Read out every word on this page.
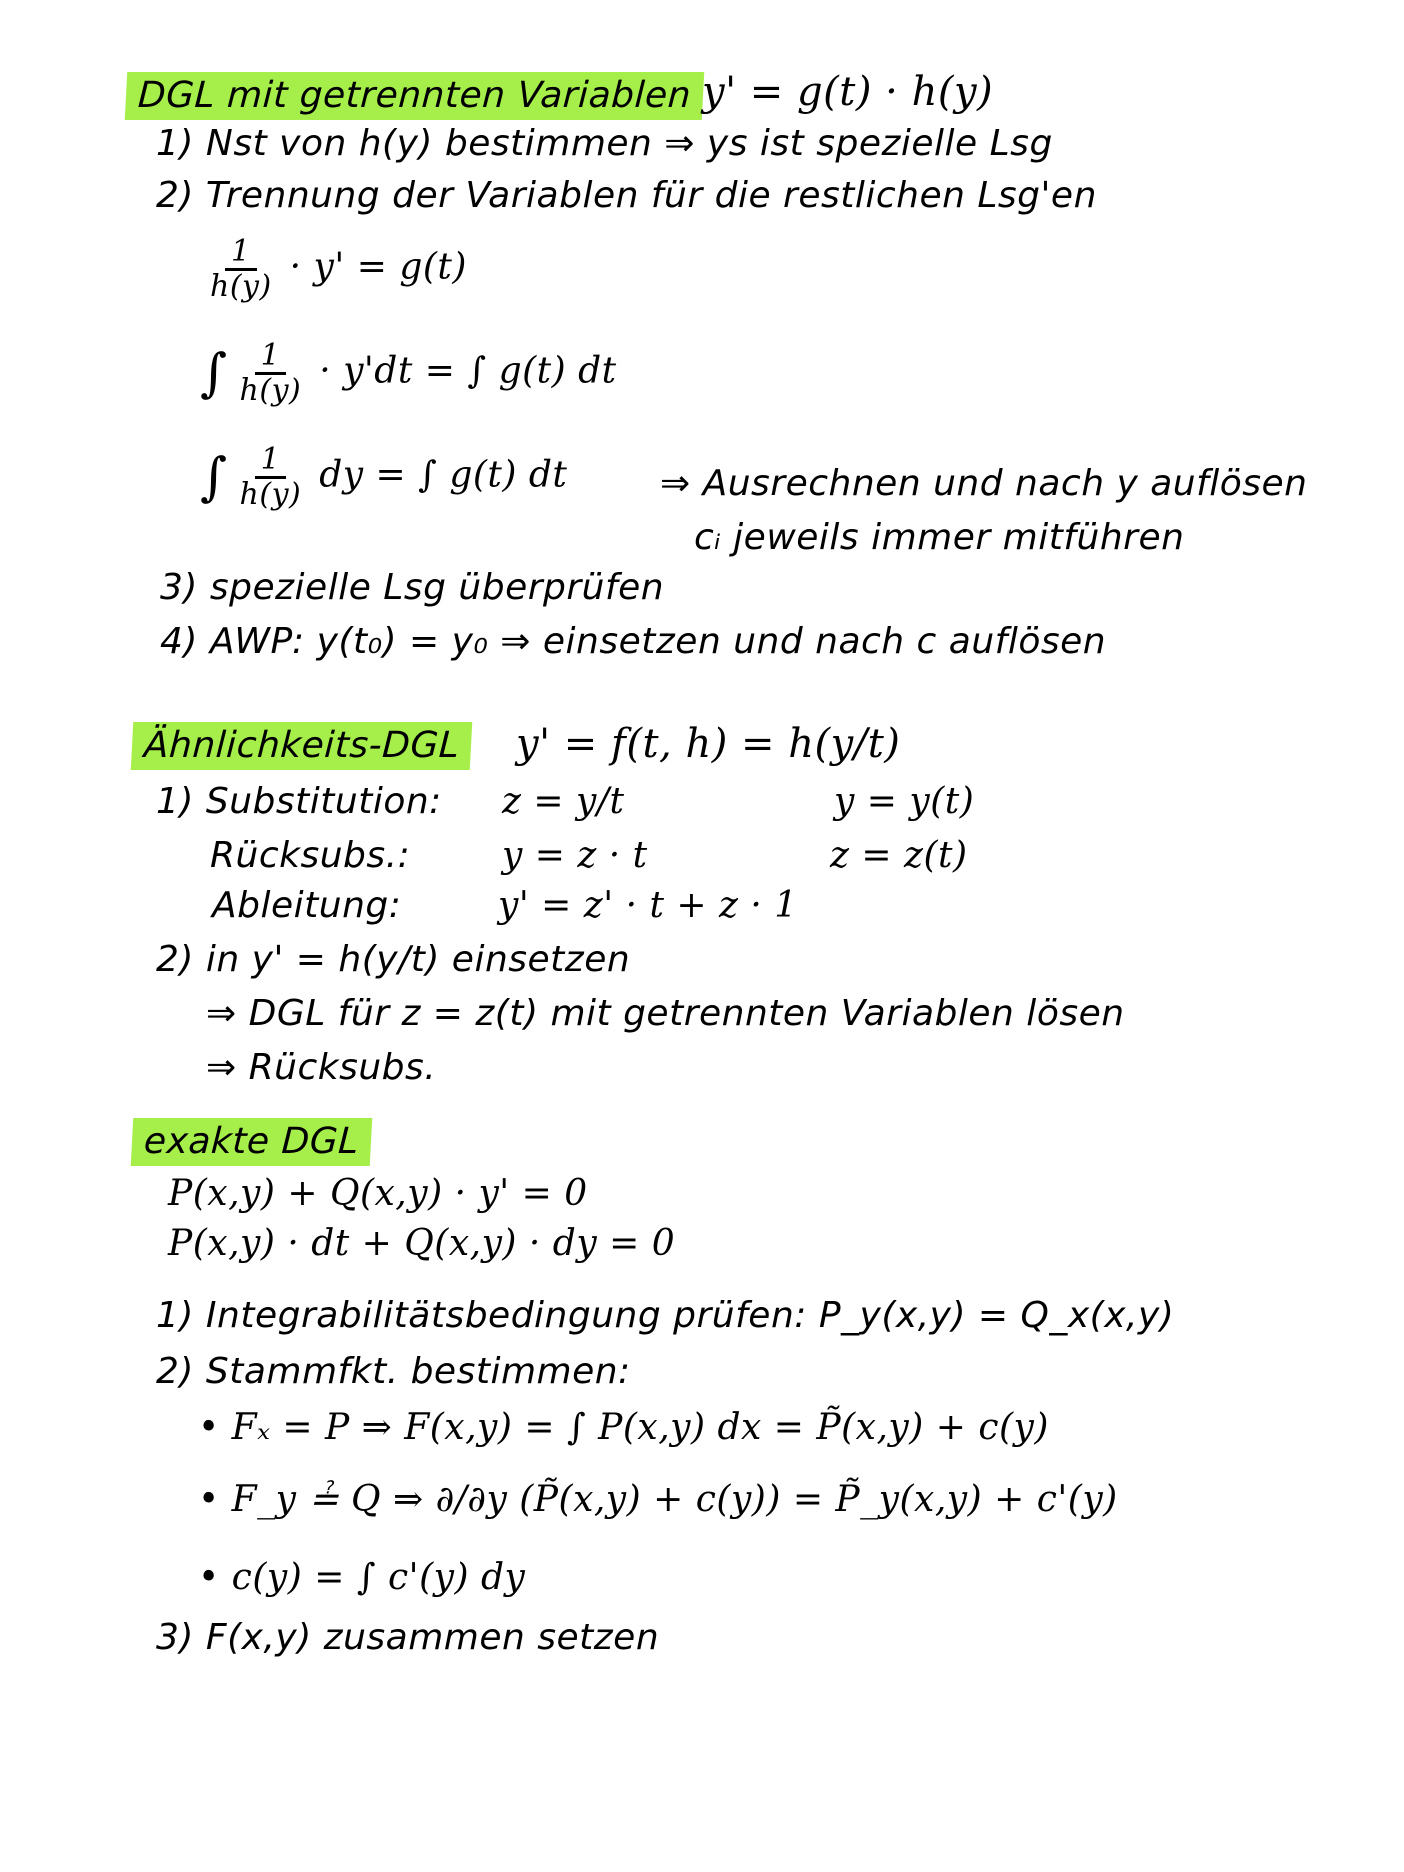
DGL mit getrennten Variablen y' = g(t) · h(y)
1) Nst von h(y) bestimmen ⇒ ys ist spezielle Lsg
2) Trennung der Variablen für die restlichen Lsg'en
$\frac{1}{h(y)} \cdot y' = g(t)$
∫ $\frac{1}{h(y)} \cdot y'dt$ = ∫ g(t) dt
∫ $\frac{1}{h(y)}$ dy = ∫ g(t) dt	⇒ Ausrechnen und nach y auflösen
cᵢ jeweils immer mitführen
3) spezielle Lsg überprüfen
4) AWP: y(t₀) = y₀ ⇒ einsetzen und nach c auflösen
Ähnlichkeits-DGL	y' = f(t, h) = h(y/t)
1) Substitution: z = y/t	y = y(t)
Rücksubs.:	y = z · t	z = z(t)
Ableitung:	y' = z' · t + z · 1
2) in y' = h(y/t) einsetzen
⇒ DGL für z = z(t) mit getrennten Variablen lösen
⇒ Rücksubs.
exakte DGL
P(x,y) + Q(x,y) · y' = 0
P(x,y) · dt + Q(x,y) · dy = 0
1) Integrabilitätsbedingung prüfen: P_y(x,y) = Q_x(x,y)
2) Stammfkt. bestimmen:
• Fₓ = P ⇒ F(x,y) = ∫ P(x,y) dx = P̃(x,y) + c(y)
• F_y ≟ Q ⇒ ∂/∂y (P̃(x,y) + c(y)) = P̃_y(x,y) + c'(y)
• c(y) = ∫ c'(y) dy
3) F(x,y) zusammen setzen
